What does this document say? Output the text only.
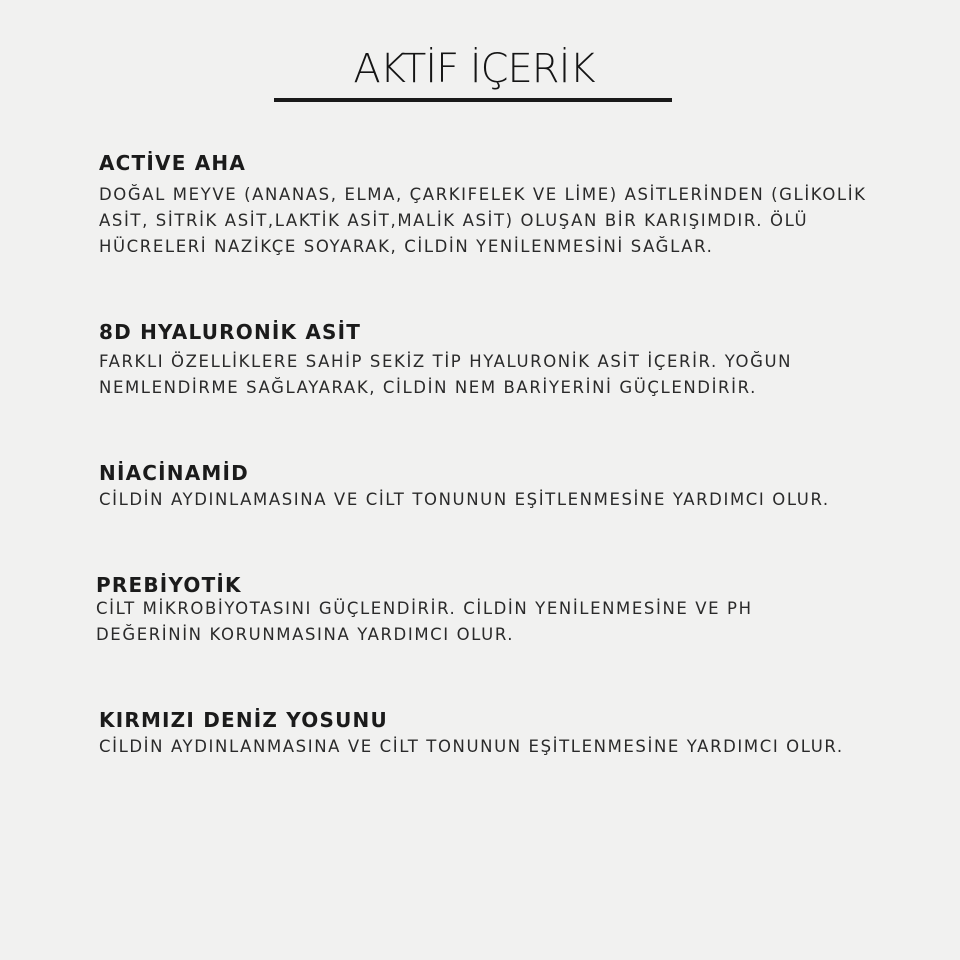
AKTİF İÇERİK
ACTİVE AHA
DOĞAL MEYVE (ANANAS, ELMA, ÇARKIFELEK VE LİME) ASİTLERİNDEN (GLİKOLİK
ASİT, SİTRİK ASİT,LAKTİK ASİT,MALİK ASİT) OLUŞAN BİR KARIŞIMDIR. ÖLÜ
HÜCRELERİ NAZİKÇE SOYARAK, CİLDİN YENİLENMESİNİ SAĞLAR.
8D HYALURONİK ASİT
FARKLI ÖZELLİKLERE SAHİP SEKİZ TİP HYALURONİK ASİT İÇERİR. YOĞUN
NEMLENDİRME SAĞLAYARAK, CİLDİN NEM BARİYERİNİ GÜÇLENDİRİR.
NİACİNAMİD
CİLDİN AYDINLAMASINA VE CİLT TONUNUN EŞİTLENMESİNE YARDIMCI OLUR.
PREBİYOTİK
CİLT MİKROBİYOTASINI GÜÇLENDİRİR. CİLDİN YENİLENMESİNE VE PH
DEĞERİNİN KORUNMASINA YARDIMCI OLUR.
KIRMIZI DENİZ YOSUNU
CİLDİN AYDINLANMASINA VE CİLT TONUNUN EŞİTLENMESİNE YARDIMCI OLUR.
